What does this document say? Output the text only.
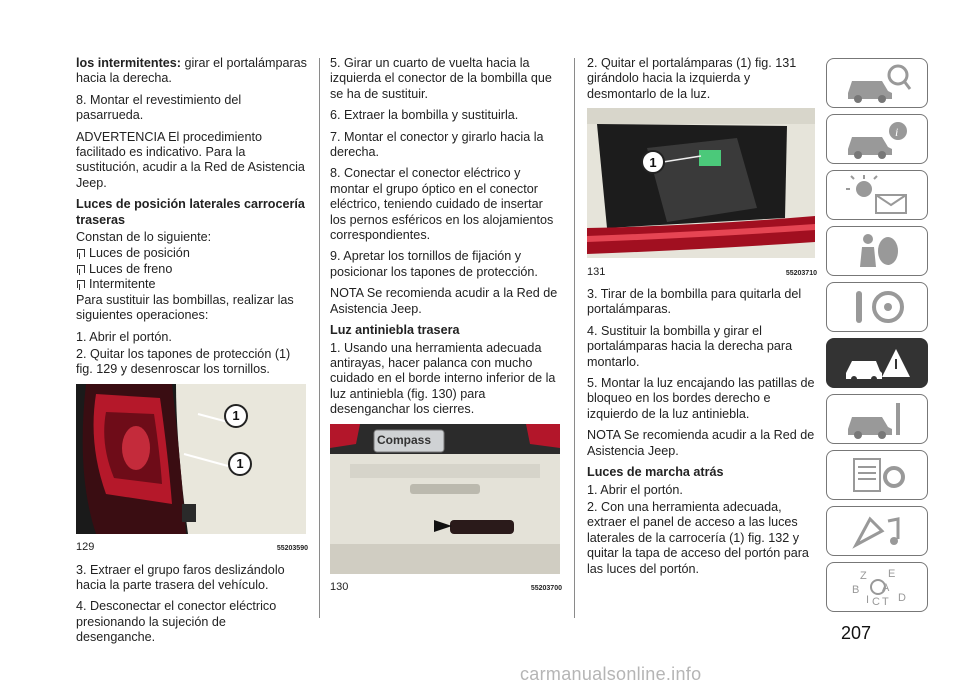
los intermitentes: girar el portalámparas hacia la derecha.

8. Montar el revestimiento del pasarrueda.

ADVERTENCIA El procedimiento facilitado es indicativo. Para la sustitución, acudir a la Red de Asistencia Jeep.

Luces de posición laterales carrocería traseras

Constan de lo siguiente:

Luces de posición
Luces de freno
Intermitente

Para sustituir las bombillas, realizar las siguientes operaciones:

1. Abrir el portón.

2. Quitar los tapones de protección (1) fig. 129 y desenroscar los tornillos.

1
1
129	55203590

3. Extraer el grupo faros deslizándolo hacia la parte trasera del vehículo.

4. Desconectar el conector eléctrico presionando la sujeción de desenganche.

5. Girar un cuarto de vuelta hacia la izquierda el conector de la bombilla que se ha de sustituir.

6. Extraer la bombilla y sustituirla.

7. Montar el conector y girarlo hacia la derecha.

8. Conectar el conector eléctrico y montar el grupo óptico en el conector eléctrico, teniendo cuidado de insertar los pernos esféricos en los alojamientos correspondientes.

9. Apretar los tornillos de fijación y posicionar los tapones de protección.

NOTA Se recomienda acudir a la Red de Asistencia Jeep.

Luz antiniebla trasera

1. Usando una herramienta adecuada antirayas, hacer palanca con mucho cuidado en el borde interno inferior de la luz antiniebla (fig. 130) para desenganchar los cierres.

Compass
130	55203700

2. Quitar el portalámparas (1) fig. 131 girándolo hacia la izquierda y desmontarlo de la luz.

1
131	55203710

3. Tirar de la bombilla para quitarla del portalámparas.

4. Sustituir la bombilla y girar el portalámparas hacia la derecha para montarlo.

5. Montar la luz encajando las patillas de bloqueo en los bordes derecho e izquierdo de la luz antiniebla.

NOTA Se recomienda acudir a la Red de Asistencia Jeep.

Luces de marcha atrás

1. Abrir el portón.

2. Con una herramienta adecuada, extraer el panel de acceso a las luces laterales de la carrocería (1) fig. 132 y quitar la tapa de acceso del portón para las luces del portón.

i
Z E
A
B
I C T D
207
carmanualsonline.info
